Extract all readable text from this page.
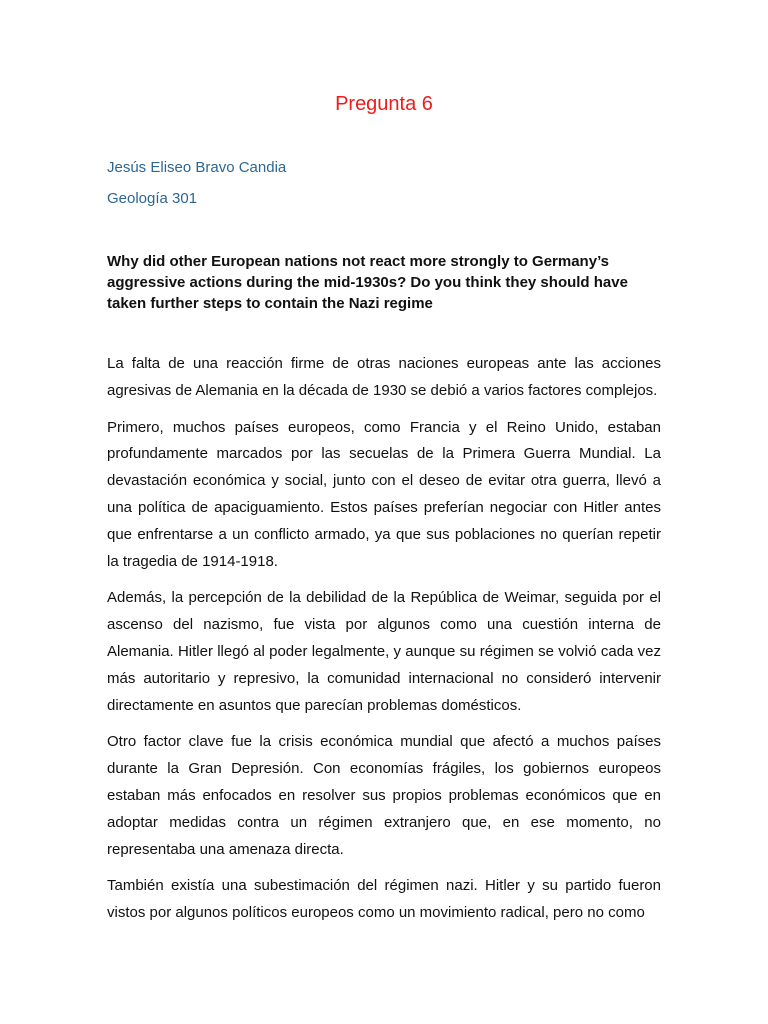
Pregunta 6

Jesús Eliseo Bravo Candia

Geología 301

Why did other European nations not react more strongly to Germany’s aggressive actions during the mid-1930s? Do you think they should have taken further steps to contain the Nazi regime

La falta de una reacción firme de otras naciones europeas ante las acciones agresivas de Alemania en la década de 1930 se debió a varios factores complejos.

Primero, muchos países europeos, como Francia y el Reino Unido, estaban profundamente marcados por las secuelas de la Primera Guerra Mundial. La devastación económica y social, junto con el deseo de evitar otra guerra, llevó a una política de apaciguamiento. Estos países preferían negociar con Hitler antes que enfrentarse a un conflicto armado, ya que sus poblaciones no querían repetir la tragedia de 1914-1918.

Además, la percepción de la debilidad de la República de Weimar, seguida por el ascenso del nazismo, fue vista por algunos como una cuestión interna de Alemania. Hitler llegó al poder legalmente, y aunque su régimen se volvió cada vez más autoritario y represivo, la comunidad internacional no consideró intervenir directamente en asuntos que parecían problemas domésticos.

Otro factor clave fue la crisis económica mundial que afectó a muchos países durante la Gran Depresión. Con economías frágiles, los gobiernos europeos estaban más enfocados en resolver sus propios problemas económicos que en adoptar medidas contra un régimen extranjero que, en ese momento, no representaba una amenaza directa.

También existía una subestimación del régimen nazi. Hitler y su partido fueron vistos por algunos políticos europeos como un movimiento radical, pero no como
